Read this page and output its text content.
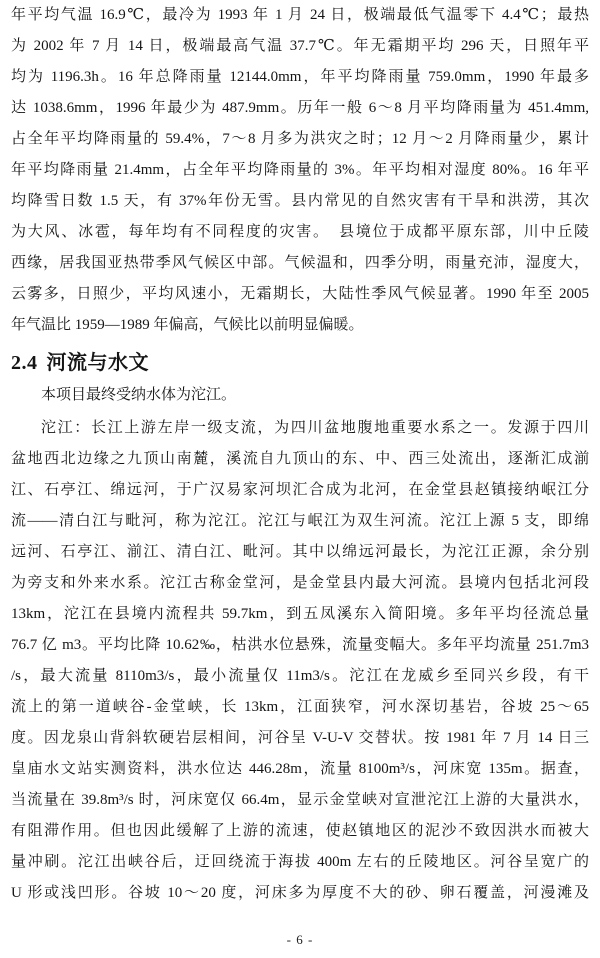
年平均气温 16.9℃，最冷为 1993 年 1 月 24 日，极端最低气温零下 4.4℃；最热
为 2002 年 7 月 14 日，极端最高气温 37.7℃。年无霜期平均 296 天，日照年平
均为 1196.3h。16 年总降雨量 12144.0mm，年平均降雨量 759.0mm，1990 年最多
达 1038.6mm，1996 年最少为 487.9mm。历年一般 6～8 月平均降雨量为 451.4mm,
占全年平均降雨量的 59.4%，7～8 月多为洪灾之时；12 月～2 月降雨量少，累计
年平均降雨量 21.4mm，占全年平均降雨量的 3%。年平均相对湿度 80%。16 年平
均降雪日数 1.5 天，有 37%年份无雪。县内常见的自然灾害有干旱和洪涝，其次
为大风、冰雹，每年均有不同程度的灾害。　县境位于成都平原东部，川中丘陵
西缘，居我国亚热带季风气候区中部。气候温和，四季分明，雨量充沛，湿度大，
云雾多，日照少，平均风速小，无霜期长，大陆性季风气候显著。1990 年至 2005
年气温比 1959—1989 年偏高，气候比以前明显偏暖。
2.4 河流与水文
本项目最终受纳水体为沱江。
沱江：长江上游左岸一级支流，为四川盆地腹地重要水系之一。发源于四川
盆地西北边缘之九顶山南麓，溪流自九顶山的东、中、西三处流出，逐渐汇成湔
江、石亭江、绵远河，于广汉易家河坝汇合成为北河，在金堂县赵镇接纳岷江分
流——清白江与毗河，称为沱江。沱江与岷江为双生河流。沱江上源 5 支，即绵
远河、石亭江、湔江、清白江、毗河。其中以绵远河最长，为沱江正源，余分别
为旁支和外来水系。沱江古称金堂河，是金堂县内最大河流。县境内包括北河段
13km，沱江在县境内流程共 59.7km，到五凤溪东入简阳境。多年平均径流总量
76.7 亿 m3。平均比降 10.62‰，枯洪水位悬殊，流量变幅大。多年平均流量 251.7m3
/s，最大流量 8110m3/s，最小流量仅 11m3/s。沱江在龙威乡至同兴乡段，有干
流上的第一道峡谷-金堂峡，长 13km，江面狭窄，河水深切基岩，谷坡 25～65
度。因龙泉山背斜软硬岩层相间，河谷呈 V-U-V 交替状。按 1981 年 7 月 14 日三
皇庙水文站实测资料，洪水位达 446.28m，流量 8100m³/s，河床宽 135m。据查，
当流量在 39.8m³/s 时，河床宽仅 66.4m，显示金堂峡对宣泄沱江上游的大量洪水，
有阻滞作用。但也因此缓解了上游的流速，使赵镇地区的泥沙不致因洪水而被大
量冲刷。沱江出峡谷后，迂回绕流于海拔 400m 左右的丘陵地区。河谷呈宽广的
U 形或浅凹形。谷坡 10～20 度，河床多为厚度不大的砂、卵石覆盖，河漫滩及
- 6 -
